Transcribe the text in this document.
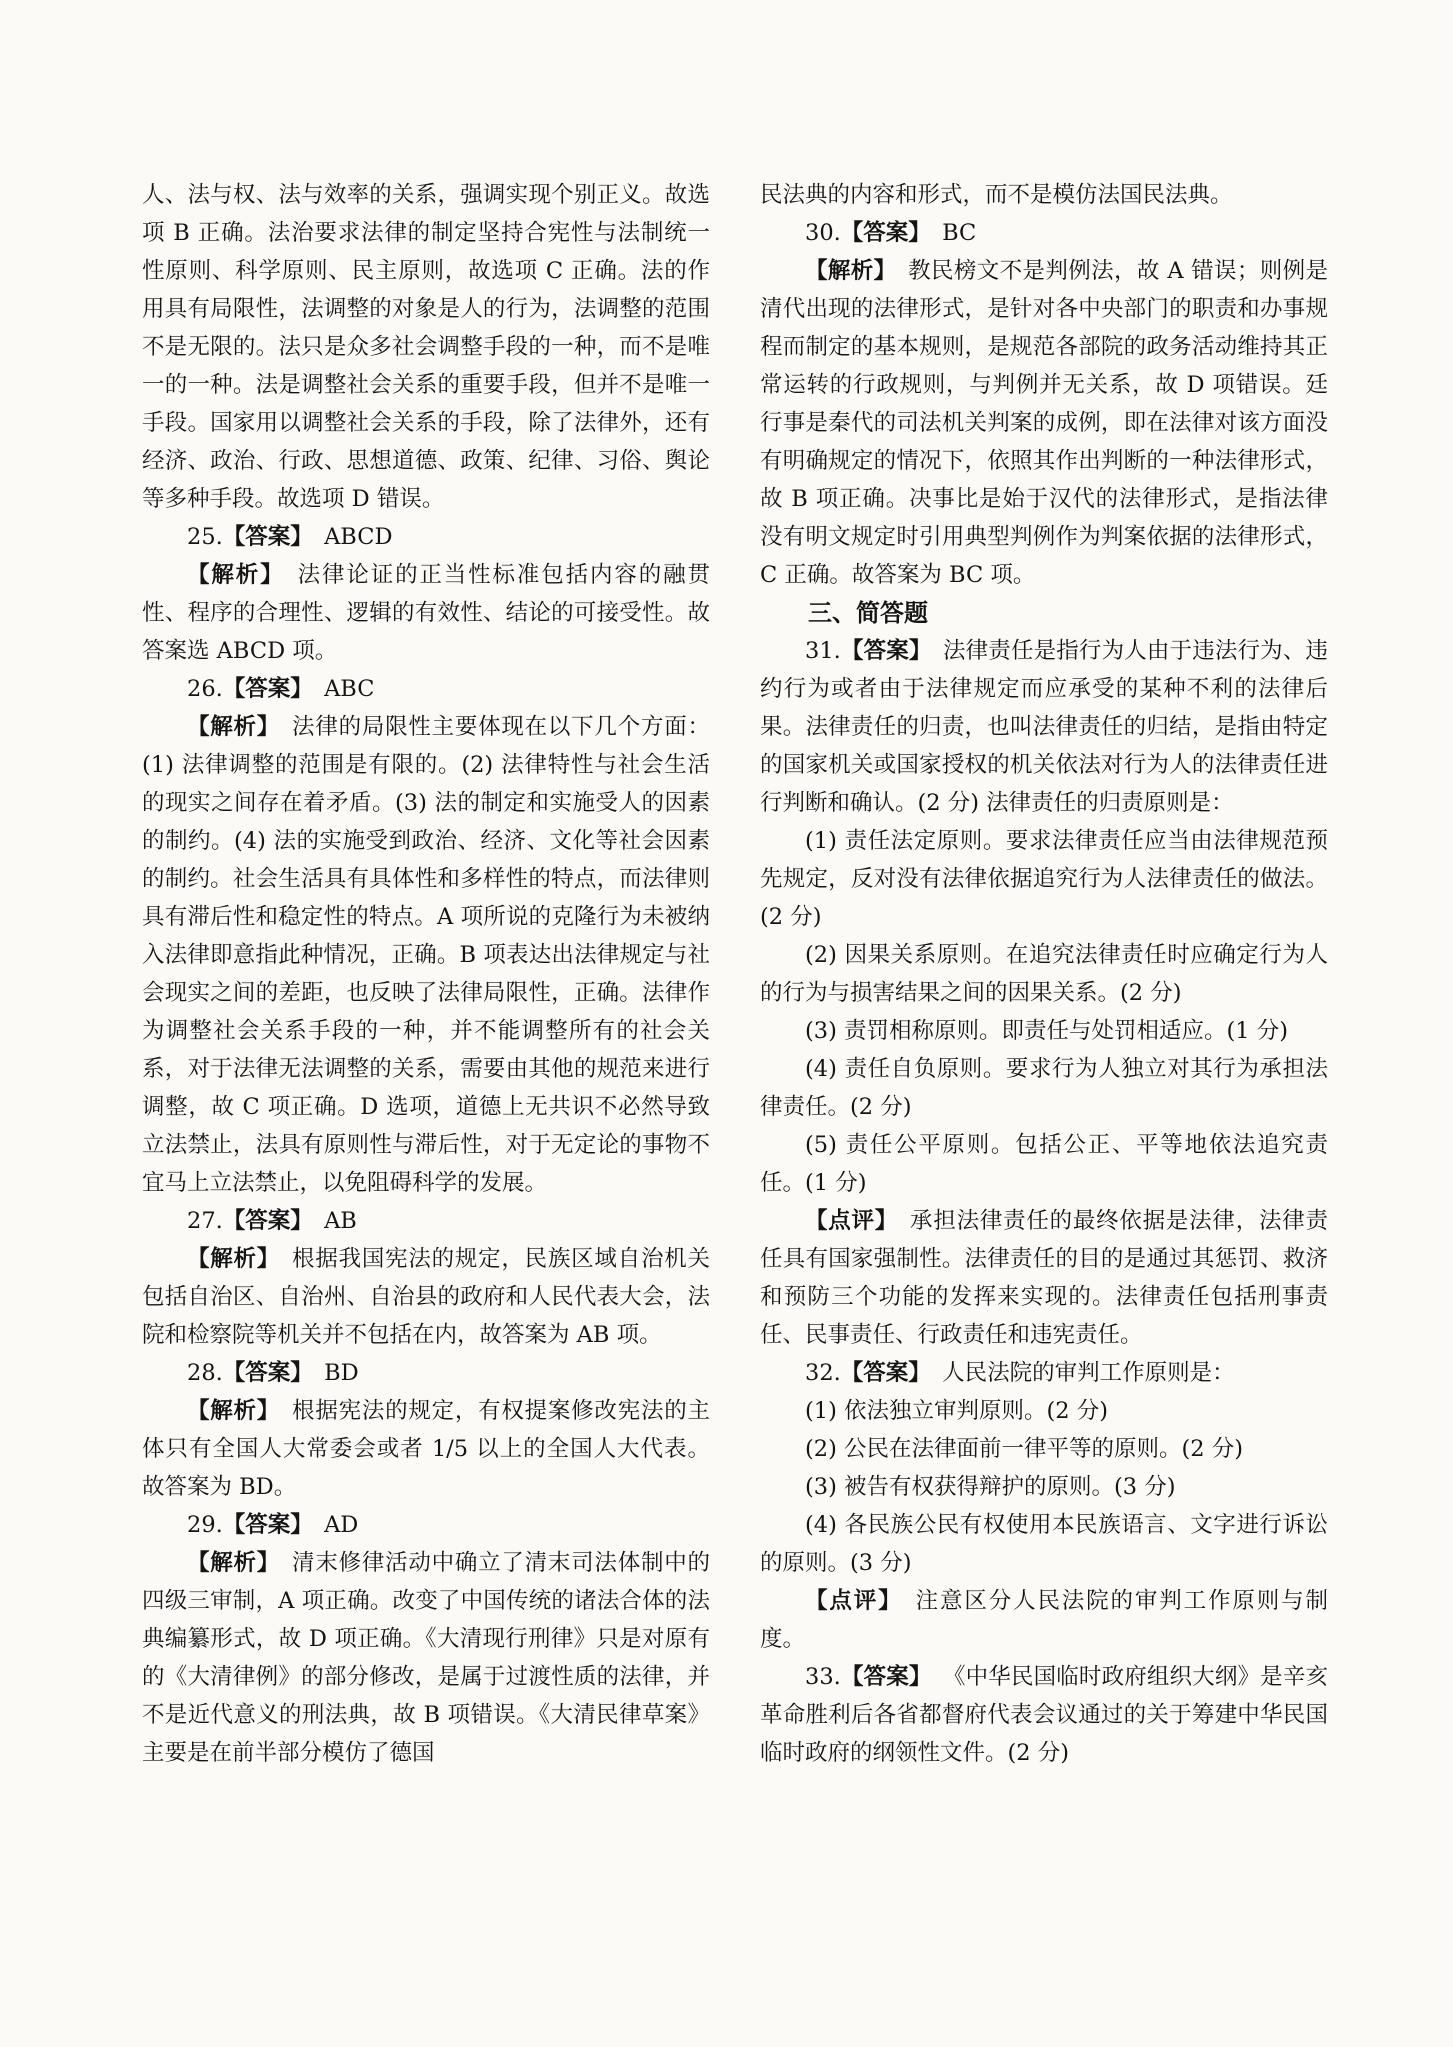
人、法与权、法与效率的关系，强调实现个别正义。故选项 B 正确。法治要求法律的制定坚持合宪性与法制统一性原则、科学原则、民主原则，故选项 C 正确。法的作用具有局限性，法调整的对象是人的行为，法调整的范围不是无限的。法只是众多社会调整手段的一种，而不是唯一的一种。法是调整社会关系的重要手段，但并不是唯一手段。国家用以调整社会关系的手段，除了法律外，还有经济、政治、行政、思想道德、政策、纪律、习俗、舆论等多种手段。故选项 D 错误。

25.【答案】  ABCD

【解析】  法律论证的正当性标准包括内容的融贯性、程序的合理性、逻辑的有效性、结论的可接受性。故答案选 ABCD 项。

26.【答案】  ABC

【解析】  法律的局限性主要体现在以下几个方面：(1) 法律调整的范围是有限的。(2) 法律特性与社会生活的现实之间存在着矛盾。(3) 法的制定和实施受人的因素的制约。(4) 法的实施受到政治、经济、文化等社会因素的制约。社会生活具有具体性和多样性的特点，而法律则具有滞后性和稳定性的特点。A 项所说的克隆行为未被纳入法律即意指此种情况，正确。B 项表达出法律规定与社会现实之间的差距，也反映了法律局限性，正确。法律作为调整社会关系手段的一种，并不能调整所有的社会关系，对于法律无法调整的关系，需要由其他的规范来进行调整，故 C 项正确。D 选项，道德上无共识不必然导致立法禁止，法具有原则性与滞后性，对于无定论的事物不宜马上立法禁止，以免阻碍科学的发展。

27.【答案】  AB

【解析】  根据我国宪法的规定，民族区域自治机关包括自治区、自治州、自治县的政府和人民代表大会，法院和检察院等机关并不包括在内，故答案为 AB 项。

28.【答案】  BD

【解析】  根据宪法的规定，有权提案修改宪法的主体只有全国人大常委会或者 1/5 以上的全国人大代表。故答案为 BD。

29.【答案】  AD

【解析】  清末修律活动中确立了清末司法体制中的四级三审制，A 项正确。改变了中国传统的诸法合体的法典编纂形式，故 D 项正确。《大清现行刑律》只是对原有的《大清律例》的部分修改，是属于过渡性质的法律，并不是近代意义的刑法典，故 B 项错误。《大清民律草案》主要是在前半部分模仿了德国

民法典的内容和形式，而不是模仿法国民法典。

30.【答案】  BC

【解析】  教民榜文不是判例法，故 A 错误；则例是清代出现的法律形式，是针对各中央部门的职责和办事规程而制定的基本规则，是规范各部院的政务活动维持其正常运转的行政规则，与判例并无关系，故 D 项错误。廷行事是秦代的司法机关判案的成例，即在法律对该方面没有明确规定的情况下，依照其作出判断的一种法律形式，故 B 项正确。决事比是始于汉代的法律形式，是指法律没有明文规定时引用典型判例作为判案依据的法律形式，C 正确。故答案为 BC 项。

三、简答题

31.【答案】  法律责任是指行为人由于违法行为、违约行为或者由于法律规定而应承受的某种不利的法律后果。法律责任的归责，也叫法律责任的归结，是指由特定的国家机关或国家授权的机关依法对行为人的法律责任进行判断和确认。(2 分) 法律责任的归责原则是：

(1) 责任法定原则。要求法律责任应当由法律规范预先规定，反对没有法律依据追究行为人法律责任的做法。(2 分)

(2) 因果关系原则。在追究法律责任时应确定行为人的行为与损害结果之间的因果关系。(2 分)

(3) 责罚相称原则。即责任与处罚相适应。(1 分)

(4) 责任自负原则。要求行为人独立对其行为承担法律责任。(2 分)

(5) 责任公平原则。包括公正、平等地依法追究责任。(1 分)

【点评】  承担法律责任的最终依据是法律，法律责任具有国家强制性。法律责任的目的是通过其惩罚、救济和预防三个功能的发挥来实现的。法律责任包括刑事责任、民事责任、行政责任和违宪责任。

32.【答案】  人民法院的审判工作原则是：

(1) 依法独立审判原则。(2 分)

(2) 公民在法律面前一律平等的原则。(2 分)

(3) 被告有权获得辩护的原则。(3 分)

(4) 各民族公民有权使用本民族语言、文字进行诉讼的原则。(3 分)

【点评】  注意区分人民法院的审判工作原则与制度。

33.【答案】  《中华民国临时政府组织大纲》是辛亥革命胜利后各省都督府代表会议通过的关于筹建中华民国临时政府的纲领性文件。(2 分)
